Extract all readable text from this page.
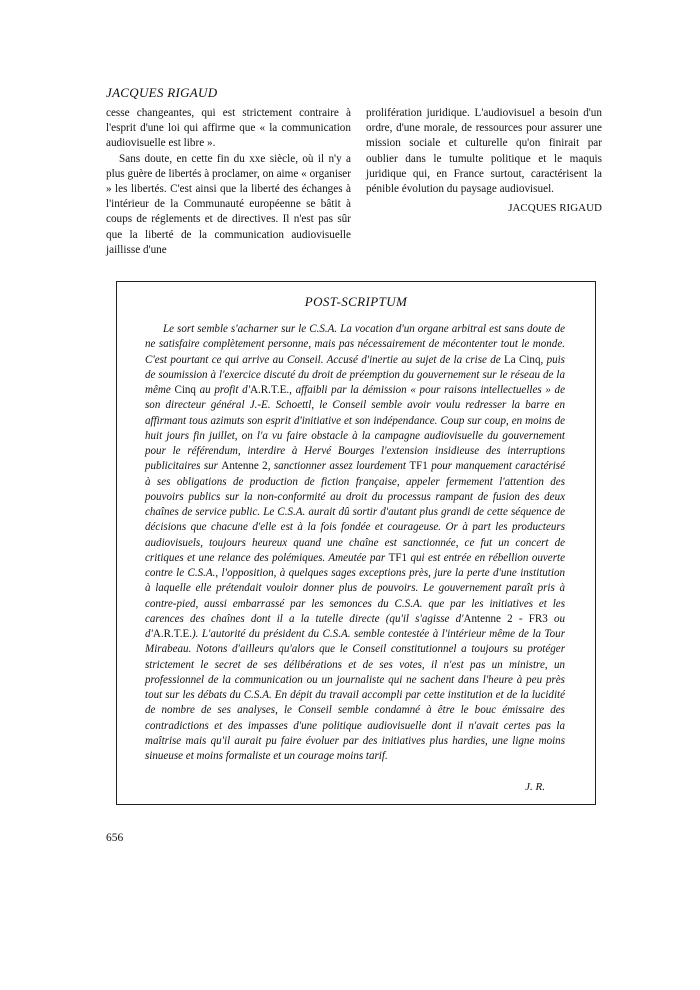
JACQUES RIGAUD

cesse changeantes, qui est strictement contraire à l'esprit d'une loi qui affirme que « la communication audiovisuelle est libre ».

Sans doute, en cette fin du xxe siècle, où il n'y a plus guère de libertés à proclamer, on aime « organiser » les libertés. C'est ainsi que la liberté des échanges à l'intérieur de la Communauté européenne se bâtit à coups de réglements et de directives. Il n'est pas sûr que la liberté de la communication audiovisuelle jaillisse d'une

prolifération juridique. L'audiovisuel a besoin d'un ordre, d'une morale, de ressources pour assurer une mission sociale et culturelle qu'on finirait par oublier dans le tumulte politique et le maquis juridique qui, en France surtout, caractérisent la pénible évolution du paysage audiovisuel.

JACQUES RIGAUD

POST-SCRIPTUM

Le sort semble s'acharner sur le C.S.A. La vocation d'un organe arbitral est sans doute de ne satisfaire complètement personne, mais pas nécessairement de mécontenter tout le monde. C'est pourtant ce qui arrive au Conseil. Accusé d'inertie au sujet de la crise de La Cinq, puis de soumission à l'exercice discuté du droit de préemption du gouvernement sur le réseau de la même Cinq au profit d'A.R.T.E., affaibli par la démission « pour raisons intellectuelles » de son directeur général J.-E. Schoettl, le Conseil semble avoir voulu redresser la barre en affirmant tous azimuts son esprit d'initiative et son indépendance. Coup sur coup, en moins de huit jours fin juillet, on l'a vu faire obstacle à la campagne audiovisuelle du gouvernement pour le référendum, interdire à Hervé Bourges l'extension insidieuse des interruptions publicitaires sur Antenne 2, sanctionner assez lourdement TF1 pour manquement caractérisé à ses obligations de production de fiction française, appeler fermement l'attention des pouvoirs publics sur la non-conformité au droit du processus rampant de fusion des deux chaînes de service public. Le C.S.A. aurait dû sortir d'autant plus grandi de cette séquence de décisions que chacune d'elle est à la fois fondée et courageuse. Or à part les producteurs audiovisuels, toujours heureux quand une chaîne est sanctionnée, ce fut un concert de critiques et une relance des polémiques. Ameutée par TF1 qui est entrée en rébellion ouverte contre le C.S.A., l'opposition, à quelques sages exceptions près, jure la perte d'une institution à laquelle elle prétendait vouloir donner plus de pouvoirs. Le gouvernement paraît pris à contre-pied, aussi embarrassé par les semonces du C.S.A. que par les initiatives et les carences des chaînes dont il a la tutelle directe (qu'il s'agisse d'Antenne 2 - FR3 ou d'A.R.T.E.). L'autorité du président du C.S.A. semble contestée à l'intérieur même de la Tour Mirabeau. Notons d'ailleurs qu'alors que le Conseil constitutionnel a toujours su protéger strictement le secret de ses délibérations et de ses votes, il n'est pas un ministre, un professionnel de la communication ou un journaliste qui ne sachent dans l'heure à peu près tout sur les débats du C.S.A. En dépit du travail accompli par cette institution et de la lucidité de nombre de ses analyses, le Conseil semble condamné à être le bouc émissaire des contradictions et des impasses d'une politique audiovisuelle dont il n'avait certes pas la maîtrise mais qu'il aurait pu faire évoluer par des initiatives plus hardies, une ligne moins sinueuse et moins formaliste et un courage moins tarif.

J. R.
656
